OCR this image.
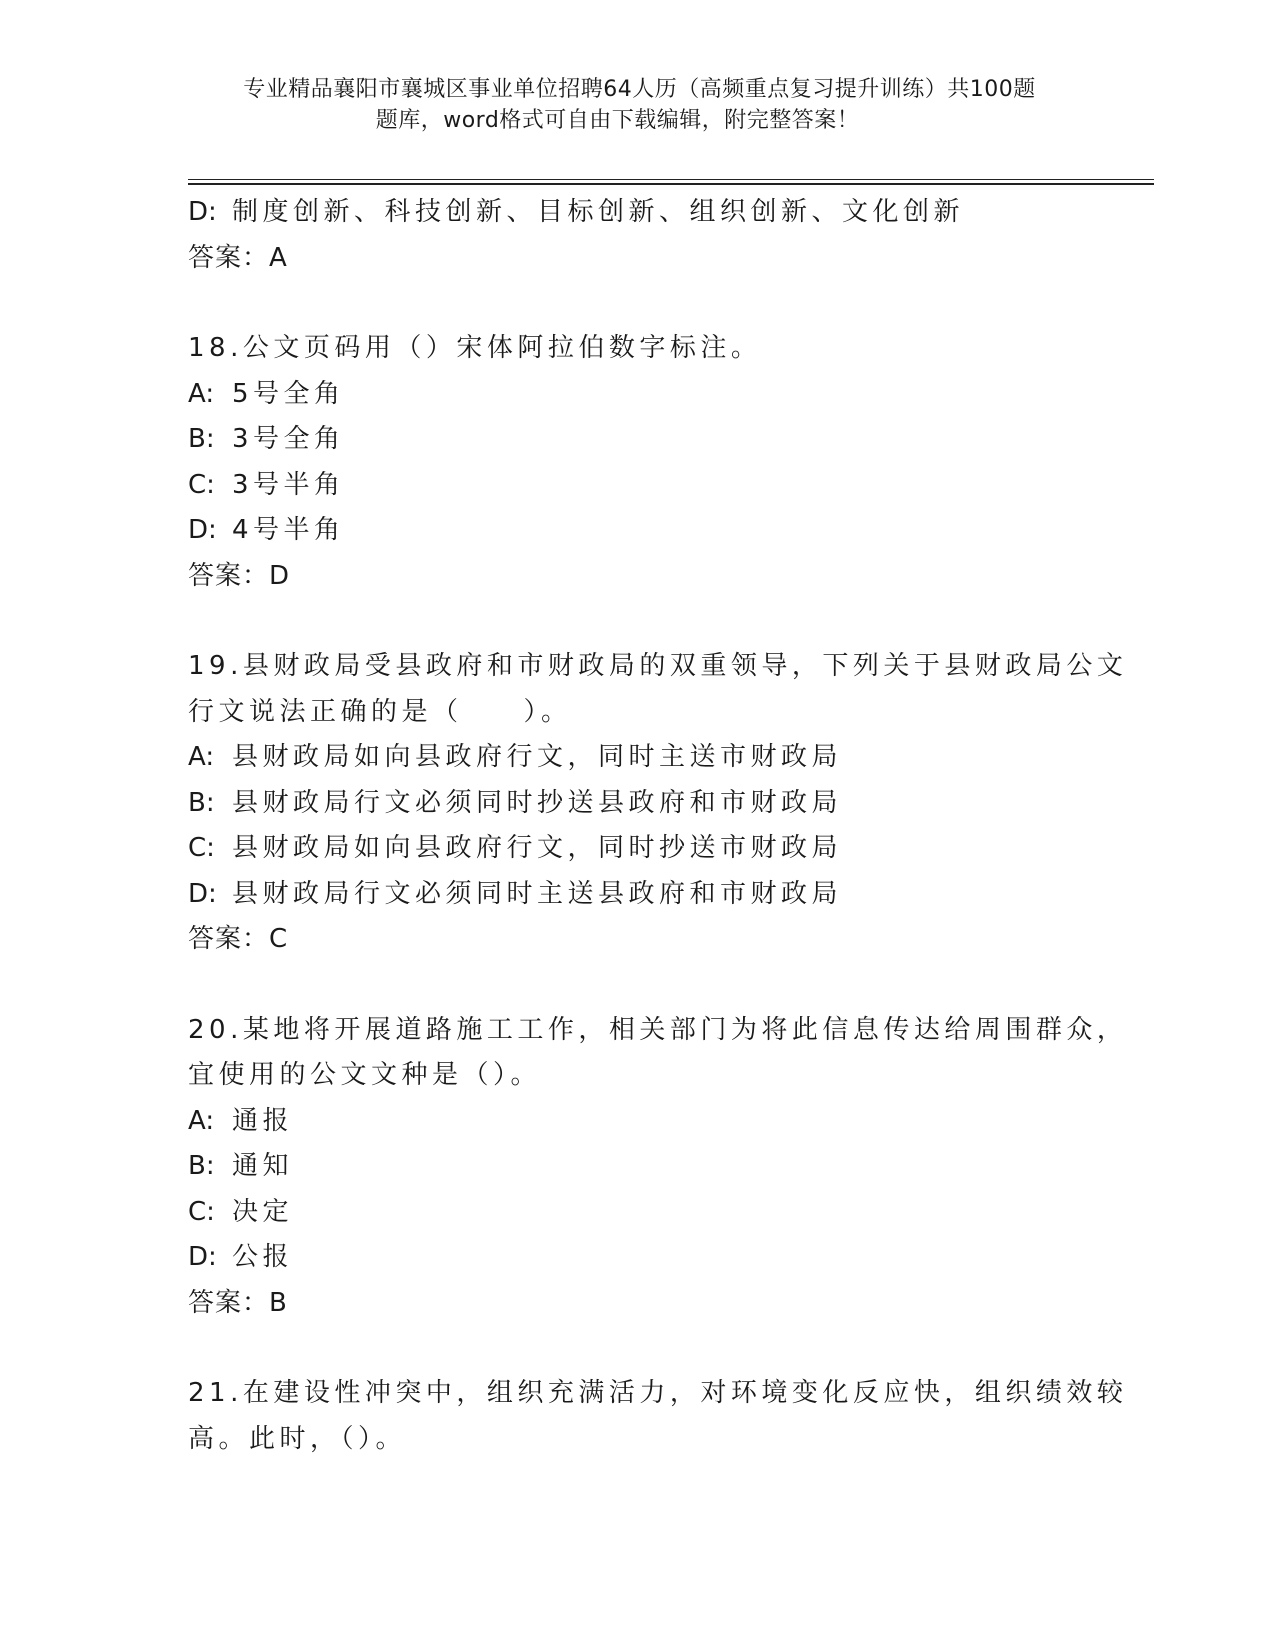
专业精品襄阳市襄城区事业单位招聘64人历（高频重点复习提升训练）共100题
题库，word格式可自由下载编辑，附完整答案！

D: 制度创新、科技创新、目标创新、组织创新、文化创新

答案：A

18.公文页码用（）宋体阿拉伯数字标注。

A: 5号全角

B: 3号全角

C: 3号半角

D: 4号半角

答案：D

19.县财政局受县政府和市财政局的双重领导，下列关于县财政局公文

行文说法正确的是（　　）。

A: 县财政局如向县政府行文，同时主送市财政局

B: 县财政局行文必须同时抄送县政府和市财政局

C: 县财政局如向县政府行文，同时抄送市财政局

D: 县财政局行文必须同时主送县政府和市财政局

答案：C

20.某地将开展道路施工工作，相关部门为将此信息传达给周围群众，

宜使用的公文文种是（）。

A: 通报

B: 通知

C: 决定

D: 公报

答案：B

21.在建设性冲突中，组织充满活力，对环境变化反应快，组织绩效较

高。此时，（）。
